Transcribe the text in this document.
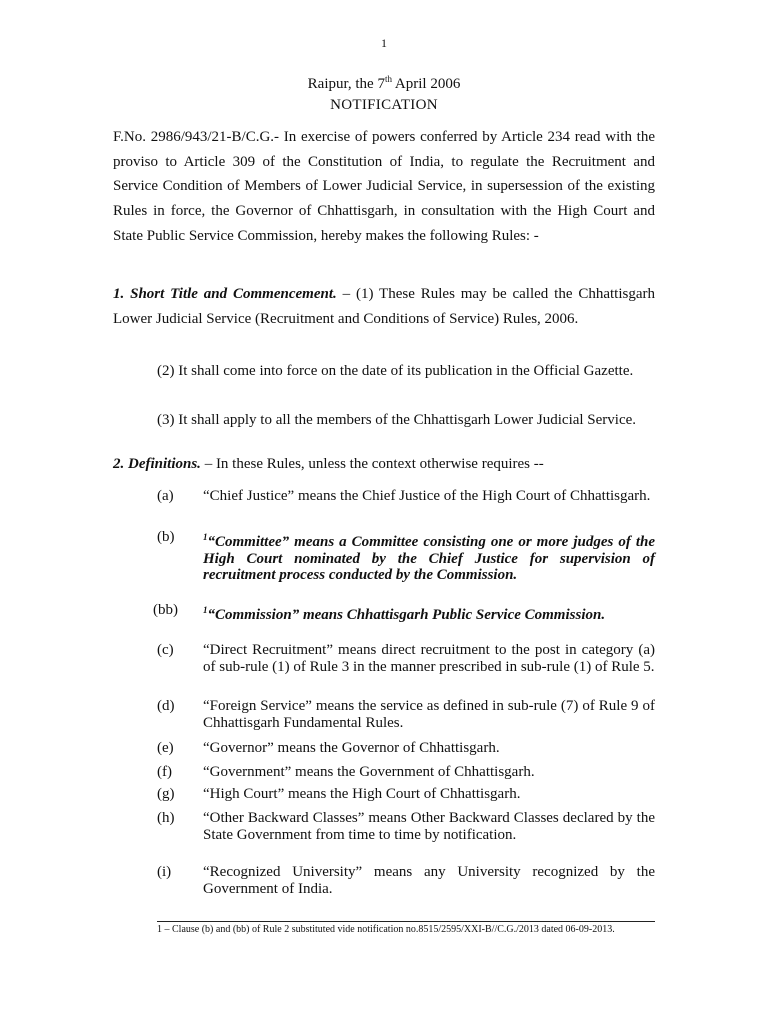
1
Raipur, the 7th April 2006
NOTIFICATION
F.No. 2986/943/21-B/C.G.- In exercise of powers conferred by Article 234 read with the proviso to Article 309 of the Constitution of India, to regulate the Recruitment and Service Condition of Members of Lower Judicial Service, in supersession of the existing Rules in force, the Governor of Chhattisgarh, in consultation with the High Court and State Public Service Commission, hereby makes the following Rules: -
1. Short Title and Commencement. – (1) These Rules may be called the Chhattisgarh Lower Judicial Service (Recruitment and Conditions of Service) Rules, 2006.
(2) It shall come into force on the date of its publication in the Official Gazette.
(3) It shall apply to all the members of the Chhattisgarh Lower Judicial Service.
2. Definitions. – In these Rules, unless the context otherwise requires --
(a) “Chief Justice” means the Chief Justice of the High Court of Chhattisgarh.
(b)	$^1$“Committee” means a Committee consisting one or more judges of the High Court nominated by the Chief Justice for supervision of recruitment process conducted by the Commission.
(bb)	$^1$“Commission” means Chhattisgarh Public Service Commission.
(c) “Direct Recruitment” means direct recruitment to the post in category (a) of sub-rule (1) of Rule 3 in the manner prescribed in sub-rule (1) of Rule 5.
(d) “Foreign Service” means the service as defined in sub-rule (7) of Rule 9 of Chhattisgarh Fundamental Rules.
(e) “Governor” means the Governor of Chhattisgarh.
(f) “Government” means the Government of Chhattisgarh.
(g) “High Court” means the High Court of Chhattisgarh.
(h) “Other Backward Classes” means Other Backward Classes declared by the State Government from time to time by notification.
(i) “Recognized University” means any University recognized by the Government of India.
1 – Clause (b) and (bb) of Rule 2 substituted vide notification no.8515/2595/XXI-B//C.G./2013 dated 06-09-2013.
